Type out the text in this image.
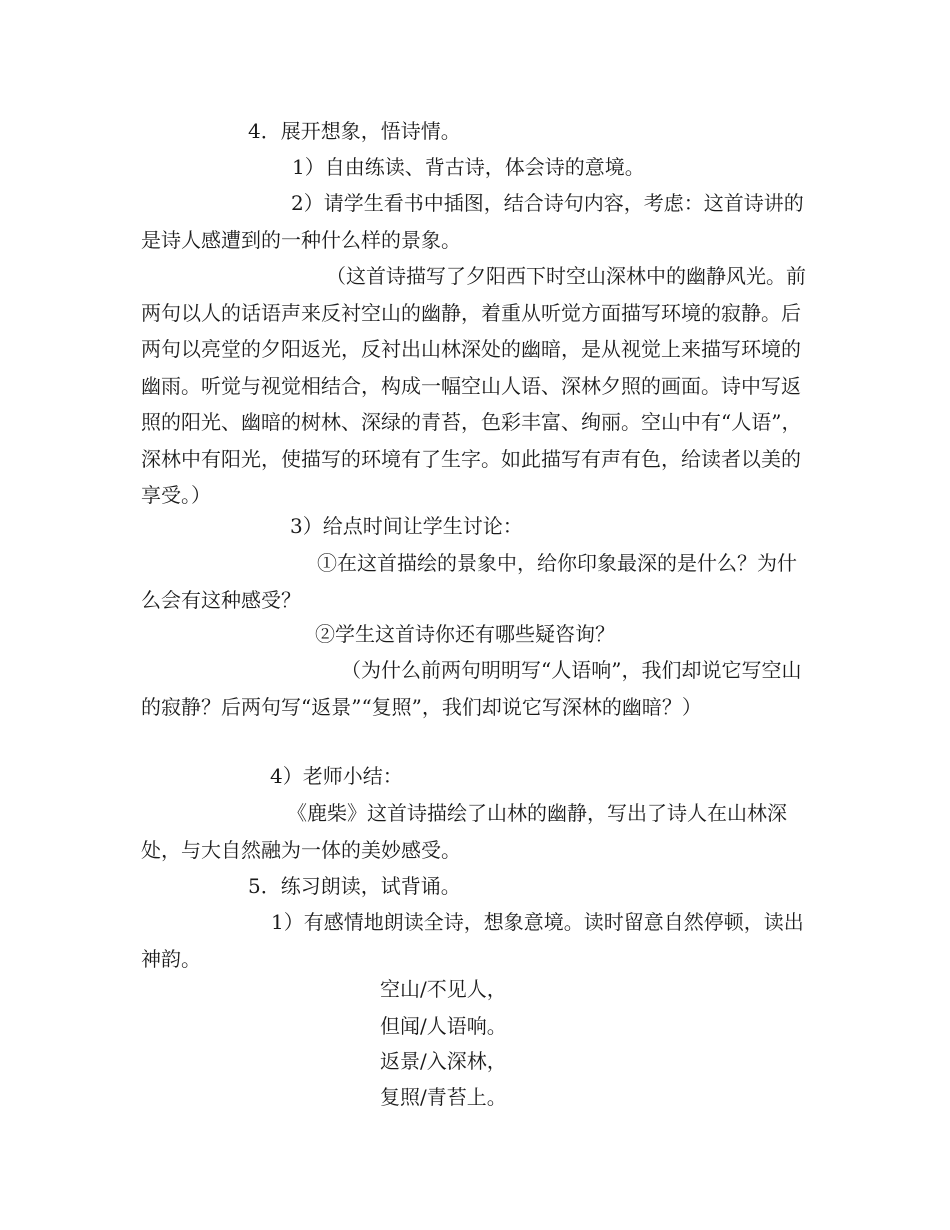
4．展开想象，悟诗情。
1）自由练读、背古诗，体会诗的意境。

2）请学生看书中插图，结合诗句内容，考虑：这首诗讲的是诗人感遭到的一种什么样的景象。

（这首诗描写了夕阳西下时空山深林中的幽静风光。前两句以人的话语声来反衬空山的幽静，着重从听觉方面描写环境的寂静。后两句以亮堂的夕阳返光，反衬出山林深处的幽暗，是从视觉上来描写环境的幽雨。听觉与视觉相结合，构成一幅空山人语、深林夕照的画面。诗中写返照的阳光、幽暗的树林、深绿的青苔，色彩丰富、绚丽。空山中有“人语”，深林中有阳光，使描写的环境有了生字。如此描写有声有色，给读者以美的享受。）

3）给点时间让学生讨论：

①在这首描绘的景象中，给你印象最深的是什么？为什么会有这种感受？

②学生这首诗你还有哪些疑咨询？

（为什么前两句明明写“人语响”，我们却说它写空山的寂静？后两句写“返景”“复照”，我们却说它写深林的幽暗？）

4）老师小结：

《鹿柴》这首诗描绘了山林的幽静，写出了诗人在山林深处，与大自然融为一体的美妙感受。

5．练习朗读，试背诵。

1）有感情地朗读全诗，想象意境。读时留意自然停顿，读出神韵。

空山/不见人，
但闻/人语响。
返景/入深林，
复照/青苔上。
